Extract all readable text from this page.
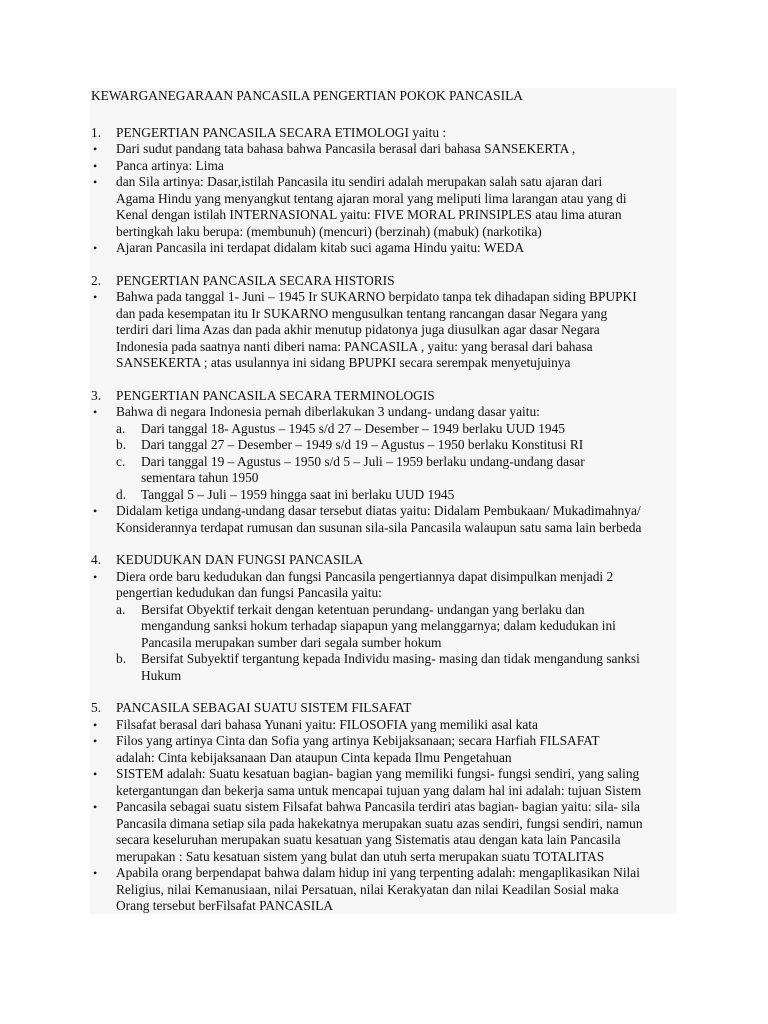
KEWARGANEGARAAN PANCASILA PENGERTIAN POKOK PANCASILA
1.	PENGERTIAN PANCASILA SECARA ETIMOLOGI yaitu :
• Dari sudut pandang tata bahasa bahwa Pancasila berasal dari bahasa SANSEKERTA ,
• Panca artinya: Lima
• dan Sila artinya: Dasar,istilah Pancasila itu sendiri adalah merupakan salah satu ajaran dari
Agama Hindu yang menyangkut tentang ajaran moral yang meliputi lima larangan atau yang di
Kenal dengan istilah INTERNASIONAL yaitu: FIVE MORAL PRINSIPLES atau lima aturan
bertingkah laku berupa: (membunuh) (mencuri) (berzinah) (mabuk) (narkotika)
• Ajaran Pancasila ini terdapat didalam kitab suci agama Hindu yaitu: WEDA
2.	PENGERTIAN PANCASILA SECARA HISTORIS
• Bahwa pada tanggal 1- Juni – 1945 Ir SUKARNO berpidato tanpa tek dihadapan siding BPUPKI
dan pada kesempatan itu Ir SUKARNO mengusulkan tentang rancangan dasar Negara yang
terdiri dari lima Azas dan pada akhir menutup pidatonya juga diusulkan agar dasar Negara
Indonesia pada saatnya nanti diberi nama: PANCASILA , yaitu: yang berasal dari bahasa
SANSEKERTA ; atas usulannya ini sidang BPUPKI secara serempak menyetujuinya
3.	PENGERTIAN PANCASILA SECARA TERMINOLOGIS
• Bahwa di negara Indonesia pernah diberlakukan 3 undang- undang dasar yaitu:
a. Dari tanggal 18- Agustus – 1945 s/d 27 – Desember – 1949 berlaku UUD 1945
b. Dari tanggal 27 – Desember – 1949 s/d 19 – Agustus – 1950 berlaku Konstitusi RI
c. Dari tanggal 19 – Agustus – 1950 s/d 5 – Juli – 1959 berlaku undang-undang dasar
sementara tahun 1950
d. Tanggal 5 – Juli – 1959 hingga saat ini berlaku UUD 1945
• Didalam ketiga undang-undang dasar tersebut diatas yaitu: Didalam Pembukaan/ Mukadimahnya/
Konsiderannya terdapat rumusan dan susunan sila-sila Pancasila walaupun satu sama lain berbeda
4.	KEDUDUKAN DAN FUNGSI PANCASILA
• Diera orde baru kedudukan dan fungsi Pancasila pengertiannya dapat disimpulkan menjadi 2
pengertian kedudukan dan fungsi Pancasila yaitu:
a. Bersifat Obyektif terkait dengan ketentuan perundang- undangan yang berlaku dan
mengandung sanksi hokum terhadap siapapun yang melanggarnya; dalam kedudukan ini
Pancasila merupakan sumber dari segala sumber hokum
b. Bersifat Subyektif tergantung kepada Individu masing- masing dan tidak mengandung sanksi
Hukum
5.	PANCASILA SEBAGAI SUATU SISTEM FILSAFAT
• Filsafat berasal dari bahasa Yunani yaitu: FILOSOFIA yang memiliki asal kata
• Filos yang artinya Cinta dan Sofia yang artinya Kebijaksanaan; secara Harfiah FILSAFAT
adalah: Cinta kebijaksanaan Dan ataupun Cinta kepada Ilmu Pengetahuan
• SISTEM adalah: Suatu kesatuan bagian- bagian yang memiliki fungsi- fungsi sendiri, yang saling
ketergantungan dan bekerja sama untuk mencapai tujuan yang dalam hal ini adalah: tujuan Sistem
• Pancasila sebagai suatu sistem Filsafat bahwa Pancasila terdiri atas bagian- bagian yaitu: sila- sila
Pancasila dimana setiap sila pada hakekatnya merupakan suatu azas sendiri, fungsi sendiri, namun
secara keseluruhan merupakan suatu kesatuan yang Sistematis atau dengan kata lain Pancasila
merupakan : Satu kesatuan sistem yang bulat dan utuh serta merupakan suatu TOTALITAS
• Apabila orang berpendapat bahwa dalam hidup ini yang terpenting adalah: mengaplikasikan Nilai
Religius, nilai Kemanusiaan, nilai Persatuan, nilai Kerakyatan dan nilai Keadilan Sosial maka
Orang tersebut berFilsafat PANCASILA
